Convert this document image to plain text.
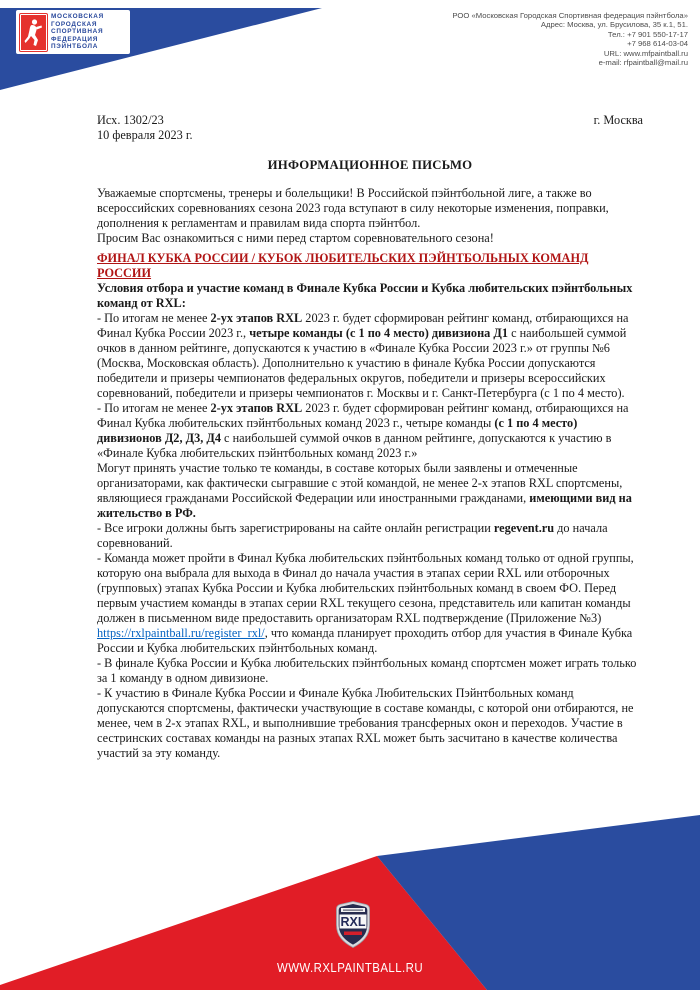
МОСКОВСКАЯ
ГОРОДСКАЯ
СПОРТИВНАЯ
ФЕДЕРАЦИЯ
ПЭЙНТБОЛА
РОО «Московская Городская Спортивная федерация пэйнтбола»
Адрес: Москва, ул. Брусилова, 35 к.1, 51.
Тел.: +7 901 550-17-17
+7 968 614-03-04
URL: www.mfpaintball.ru
e-mail: rfpaintball@mail.ru
Исх. 1302/23	г. Москва
10 февраля 2023 г.
ИНФОРМАЦИОННОЕ ПИСЬМО

Уважаемые спортсмены, тренеры и болельщики! В Российской пэйнтбольной лиге, а также во всероссийских соревнованиях сезона 2023 года вступают в силу некоторые изменения, поправки, дополнения к регламентам и правилам вида спорта пэйнтбол.

Просим Вас ознакомиться с ними перед стартом соревновательного сезона!

ФИНАЛ КУБКА РОССИИ / КУБОК ЛЮБИТЕЛЬСКИХ ПЭЙНТБОЛЬНЫХ КОМАНД РОССИИ

Условия отбора и участие команд в Финале Кубка России и Кубка любительских пэйнтбольных команд от RXL:

- По итогам не менее 2-ух этапов RXL 2023 г. будет сформирован рейтинг команд, отбирающихся на Финал Кубка России 2023 г., четыре команды (с 1 по 4 место) дивизиона Д1 с наибольшей суммой очков в данном рейтинге, допускаются к участию в «Финале Кубка России 2023 г.» от группы №6 (Москва, Московская область). Дополнительно к участию в финале Кубка России допускаются победители и призеры чемпионатов федеральных округов, победители и призеры всероссийских соревнований, победители и призеры чемпионатов г. Москвы и г. Санкт-Петербурга (с 1 по 4 место).

- По итогам не менее 2-ух этапов RXL 2023 г. будет сформирован рейтинг команд, отбирающихся на Финал Кубка любительских пэйнтбольных команд 2023 г., четыре команды (с 1 по 4 место) дивизионов Д2, Д3, Д4 с наибольшей суммой очков в данном рейтинге, допускаются к участию в «Финале Кубка любительских пэйнтбольных команд 2023 г.»

Могут принять участие только те команды, в составе которых были заявлены и отмеченные организаторами, как фактически сыгравшие с этой командой, не менее 2-х этапов RXL спортсмены, являющиеся гражданами Российской Федерации или иностранными гражданами, имеющими вид на жительство в РФ.

- Все игроки должны быть зарегистрированы на сайте онлайн регистрации regevent.ru до начала соревнований.

- Команда может пройти в Финал Кубка любительских пэйнтбольных команд только от одной группы, которую она выбрала для выхода в Финал до начала участия в этапах серии RXL или отборочных (групповых) этапах Кубка России и Кубка любительских пэйнтбольных команд в своем ФО. Перед первым участием команды в этапах серии RXL текущего сезона, представитель или капитан команды должен в письменном виде предоставить организаторам RXL подтверждение (Приложение №3) https://rxlpaintball.ru/register_rxl/, что команда планирует проходить отбор для участия в Финале Кубка России и Кубка любительских пэйнтбольных команд.

- В финале Кубка России и Кубка любительских пэйнтбольных команд спортсмен может играть только за 1 команду в одном дивизионе.

- К участию в Финале Кубка России и Финале Кубка Любительских Пэйнтбольных команд допускаются спортсмены, фактически участвующие в составе команды, с которой они отбираются, не менее, чем в 2-х этапах RXL, и выполнившие требования трансферных окон и переходов. Участие в сестринских составах команды на разных этапах RXL может быть засчитано в качестве количества участий за эту команду.

RXL
WWW.RXLPAINTBALL.RU
